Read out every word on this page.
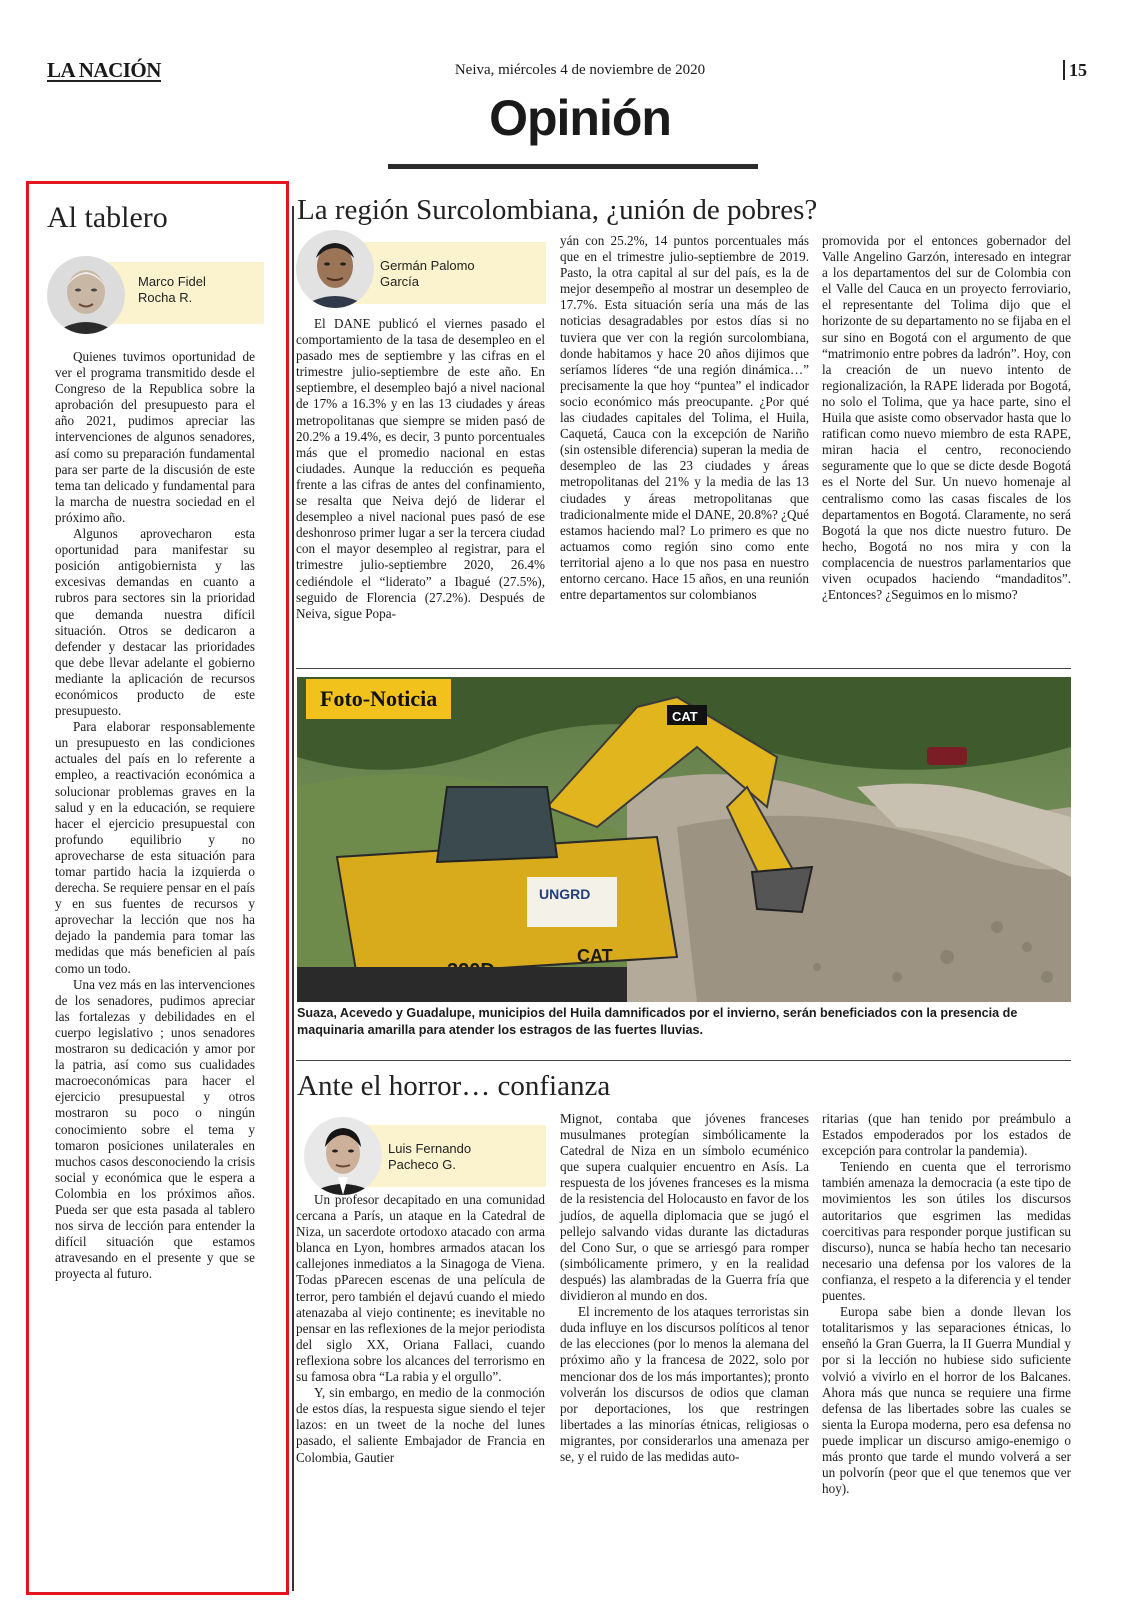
LA NACIÓN	Neiva, miércoles 4 de noviembre de 2020	15
Opinión
Al tablero
Marco Fidel
Rocha R.

Quienes tuvimos oportunidad de ver el programa transmitido desde el Congreso de la Republica sobre la aprobación del presupuesto para el año 2021, pudimos apreciar las intervenciones de algunos senadores, así como su preparación fundamental para ser parte de la discusión de este tema tan delicado y fundamental para la marcha de nuestra sociedad en el próximo año.

Algunos aprovecharon esta oportunidad para manifestar su posición antigobiernista y las excesivas demandas en cuanto a rubros para sectores sin la prioridad que demanda nuestra difícil situación. Otros se dedicaron a defender y destacar las prioridades que debe llevar adelante el gobierno mediante la aplicación de recursos económicos producto de este presupuesto.

Para elaborar responsablemente un presupuesto en las condiciones actuales del país en lo referente a empleo, a reactivación económica a solucionar problemas graves en la salud y en la educación, se requiere hacer el ejercicio presupuestal con profundo equilibrio y no aprovecharse de esta situación para tomar partido hacia la izquierda o derecha. Se requiere pensar en el país y en sus fuentes de recursos y aprovechar la lección que nos ha dejado la pandemia para tomar las medidas que más beneficien al país como un todo.

Una vez más en las intervenciones de los senadores, pudimos apreciar las fortalezas y debilidades en el cuerpo legislativo ; unos senadores mostraron su dedicación y amor por la patria, así como sus cualidades macroeconómicas para hacer el ejercicio presupuestal y otros mostraron su poco o ningún conocimiento sobre el tema y tomaron posiciones unilaterales en muchos casos desconociendo la crisis social y económica que le espera a Colombia en los próximos años. Pueda ser que esta pasada al tablero nos sirva de lección para entender la difícil situación que estamos atravesando en el presente y que se proyecta al futuro.

La región Surcolombiana, ¿unión de pobres?
Germán Palomo
García

El DANE publicó el viernes pasado el comportamiento de la tasa de desempleo en el pasado mes de septiembre y las cifras en el trimestre julio-septiembre de este año. En septiembre, el desempleo bajó a nivel nacional de 17% a 16.3% y en las 13 ciudades y áreas metropolitanas que siempre se miden pasó de 20.2% a 19.4%, es decir, 3 punto porcentuales más que el promedio nacional en estas ciudades. Aunque la reducción es pequeña frente a las cifras de antes del confinamiento, se resalta que Neiva dejó de liderar el desempleo a nivel nacional pues pasó de ese deshonroso primer lugar a ser la tercera ciudad con el mayor desempleo al registrar, para el trimestre julio-septiembre 2020, 26.4% cediéndole el “liderato” a Ibagué (27.5%), seguido de Florencia (27.2%). Después de Neiva, sigue Popa-

yán con 25.2%, 14 puntos porcentuales más que en el trimestre julio-septiembre de 2019. Pasto, la otra capital al sur del país, es la de mejor desempeño al mostrar un desempleo de 17.7%. Esta situación sería una más de las noticias desagradables por estos días si no tuviera que ver con la región surcolombiana, donde habitamos y hace 20 años dijimos que seríamos líderes “de una región dinámica…” precisamente la que hoy “puntea” el indicador socio económico más preocupante. ¿Por qué las ciudades capitales del Tolima, el Huila, Caquetá, Cauca con la excepción de Nariño (sin ostensible diferencia) superan la media de desempleo de las 23 ciudades y áreas metropolitanas del 21% y la media de las 13 ciudades y áreas metropolitanas que tradicionalmente mide el DANE, 20.8%? ¿Qué estamos haciendo mal? Lo primero es que no actuamos como región sino como ente territorial ajeno a lo que nos pasa en nuestro entorno cercano. Hace 15 años, en una reunión entre departamentos sur colombianos

promovida por el entonces gobernador del Valle Angelino Garzón, interesado en integrar a los departamentos del sur de Colombia con el Valle del Cauca en un proyecto ferroviario, el representante del Tolima dijo que el horizonte de su departamento no se fijaba en el sur sino en Bogotá con el argumento de que “matrimonio entre pobres da ladrón”. Hoy, con la creación de un nuevo intento de regionalización, la RAPE liderada por Bogotá, no solo el Tolima, que ya hace parte, sino el Huila que asiste como observador hasta que lo ratifican como nuevo miembro de esta RAPE, miran hacia el centro, reconociendo seguramente que lo que se dicte desde Bogotá es el Norte del Sur. Un nuevo homenaje al centralismo como las casas fiscales de los departamentos en Bogotá. Claramente, no será Bogotá la que nos dicte nuestro futuro. De hecho, Bogotá no nos mira y con la complacencia de nuestros parlamentarios que viven ocupados haciendo “mandaditos”. ¿Entonces? ¿Seguimos en lo mismo?

CAT
UNGRD
CAT
Foto-Noticia
Suaza, Acevedo y Guadalupe, municipios del Huila damnificados por el invierno, serán beneficiados con la presencia de maquinaria amarilla para atender los estragos de las fuertes lluvias.
Ante el horror… confianza
Luis Fernando
Pacheco G.

Un profesor decapitado en una comunidad cercana a París, un ataque en la Catedral de Niza, un sacerdote ortodoxo atacado con arma blanca en Lyon, hombres armados atacan los callejones inmediatos a la Sinagoga de Viena. Todas pParecen escenas de una película de terror, pero también el dejavú cuando el miedo atenazaba al viejo continente; es inevitable no pensar en las reflexiones de la mejor periodista del siglo XX, Oriana Fallaci, cuando reflexiona sobre los alcances del terrorismo en su famosa obra “La rabia y el orgullo”.

Y, sin embargo, en medio de la conmoción de estos días, la respuesta sigue siendo el tejer lazos: en un tweet de la noche del lunes pasado, el saliente Embajador de Francia en Colombia, Gautier

Mignot, contaba que jóvenes franceses musulmanes protegían simbólicamente la Catedral de Niza en un símbolo ecuménico que supera cualquier encuentro en Asís. La respuesta de los jóvenes franceses es la misma de la resistencia del Holocausto en favor de los judíos, de aquella diplomacia que se jugó el pellejo salvando vidas durante las dictaduras del Cono Sur, o que se arriesgó para romper (simbólicamente primero, y en la realidad después) las alambradas de la Guerra fría que dividieron al mundo en dos.

El incremento de los ataques terroristas sin duda influye en los discursos políticos al tenor de las elecciones (por lo menos la alemana del próximo año y la francesa de 2022, solo por mencionar dos de los más importantes); pronto volverán los discursos de odios que claman por deportaciones, los que restringen libertades a las minorías étnicas, religiosas o migrantes, por considerarlos una amenaza per se, y el ruido de las medidas auto-

ritarias (que han tenido por preámbulo a Estados empoderados por los estados de excepción para controlar la pandemia).

Teniendo en cuenta que el terrorismo también amenaza la democracia (a este tipo de movimientos les son útiles los discursos autoritarios que esgrimen las medidas coercitivas para responder porque justifican su discurso), nunca se había hecho tan necesario necesario una defensa por los valores de la confianza, el respeto a la diferencia y el tender puentes.

Europa sabe bien a donde llevan los totalitarismos y las separaciones étnicas, lo enseñó la Gran Guerra, la II Guerra Mundial y por si la lección no hubiese sido suficiente volvió a vivirlo en el horror de los Balcanes. Ahora más que nunca se requiere una firme defensa de las libertades sobre las cuales se sienta la Europa moderna, pero esa defensa no puede implicar un discurso amigo-enemigo o más pronto que tarde el mundo volverá a ser un polvorín (peor que el que tenemos que ver hoy).
